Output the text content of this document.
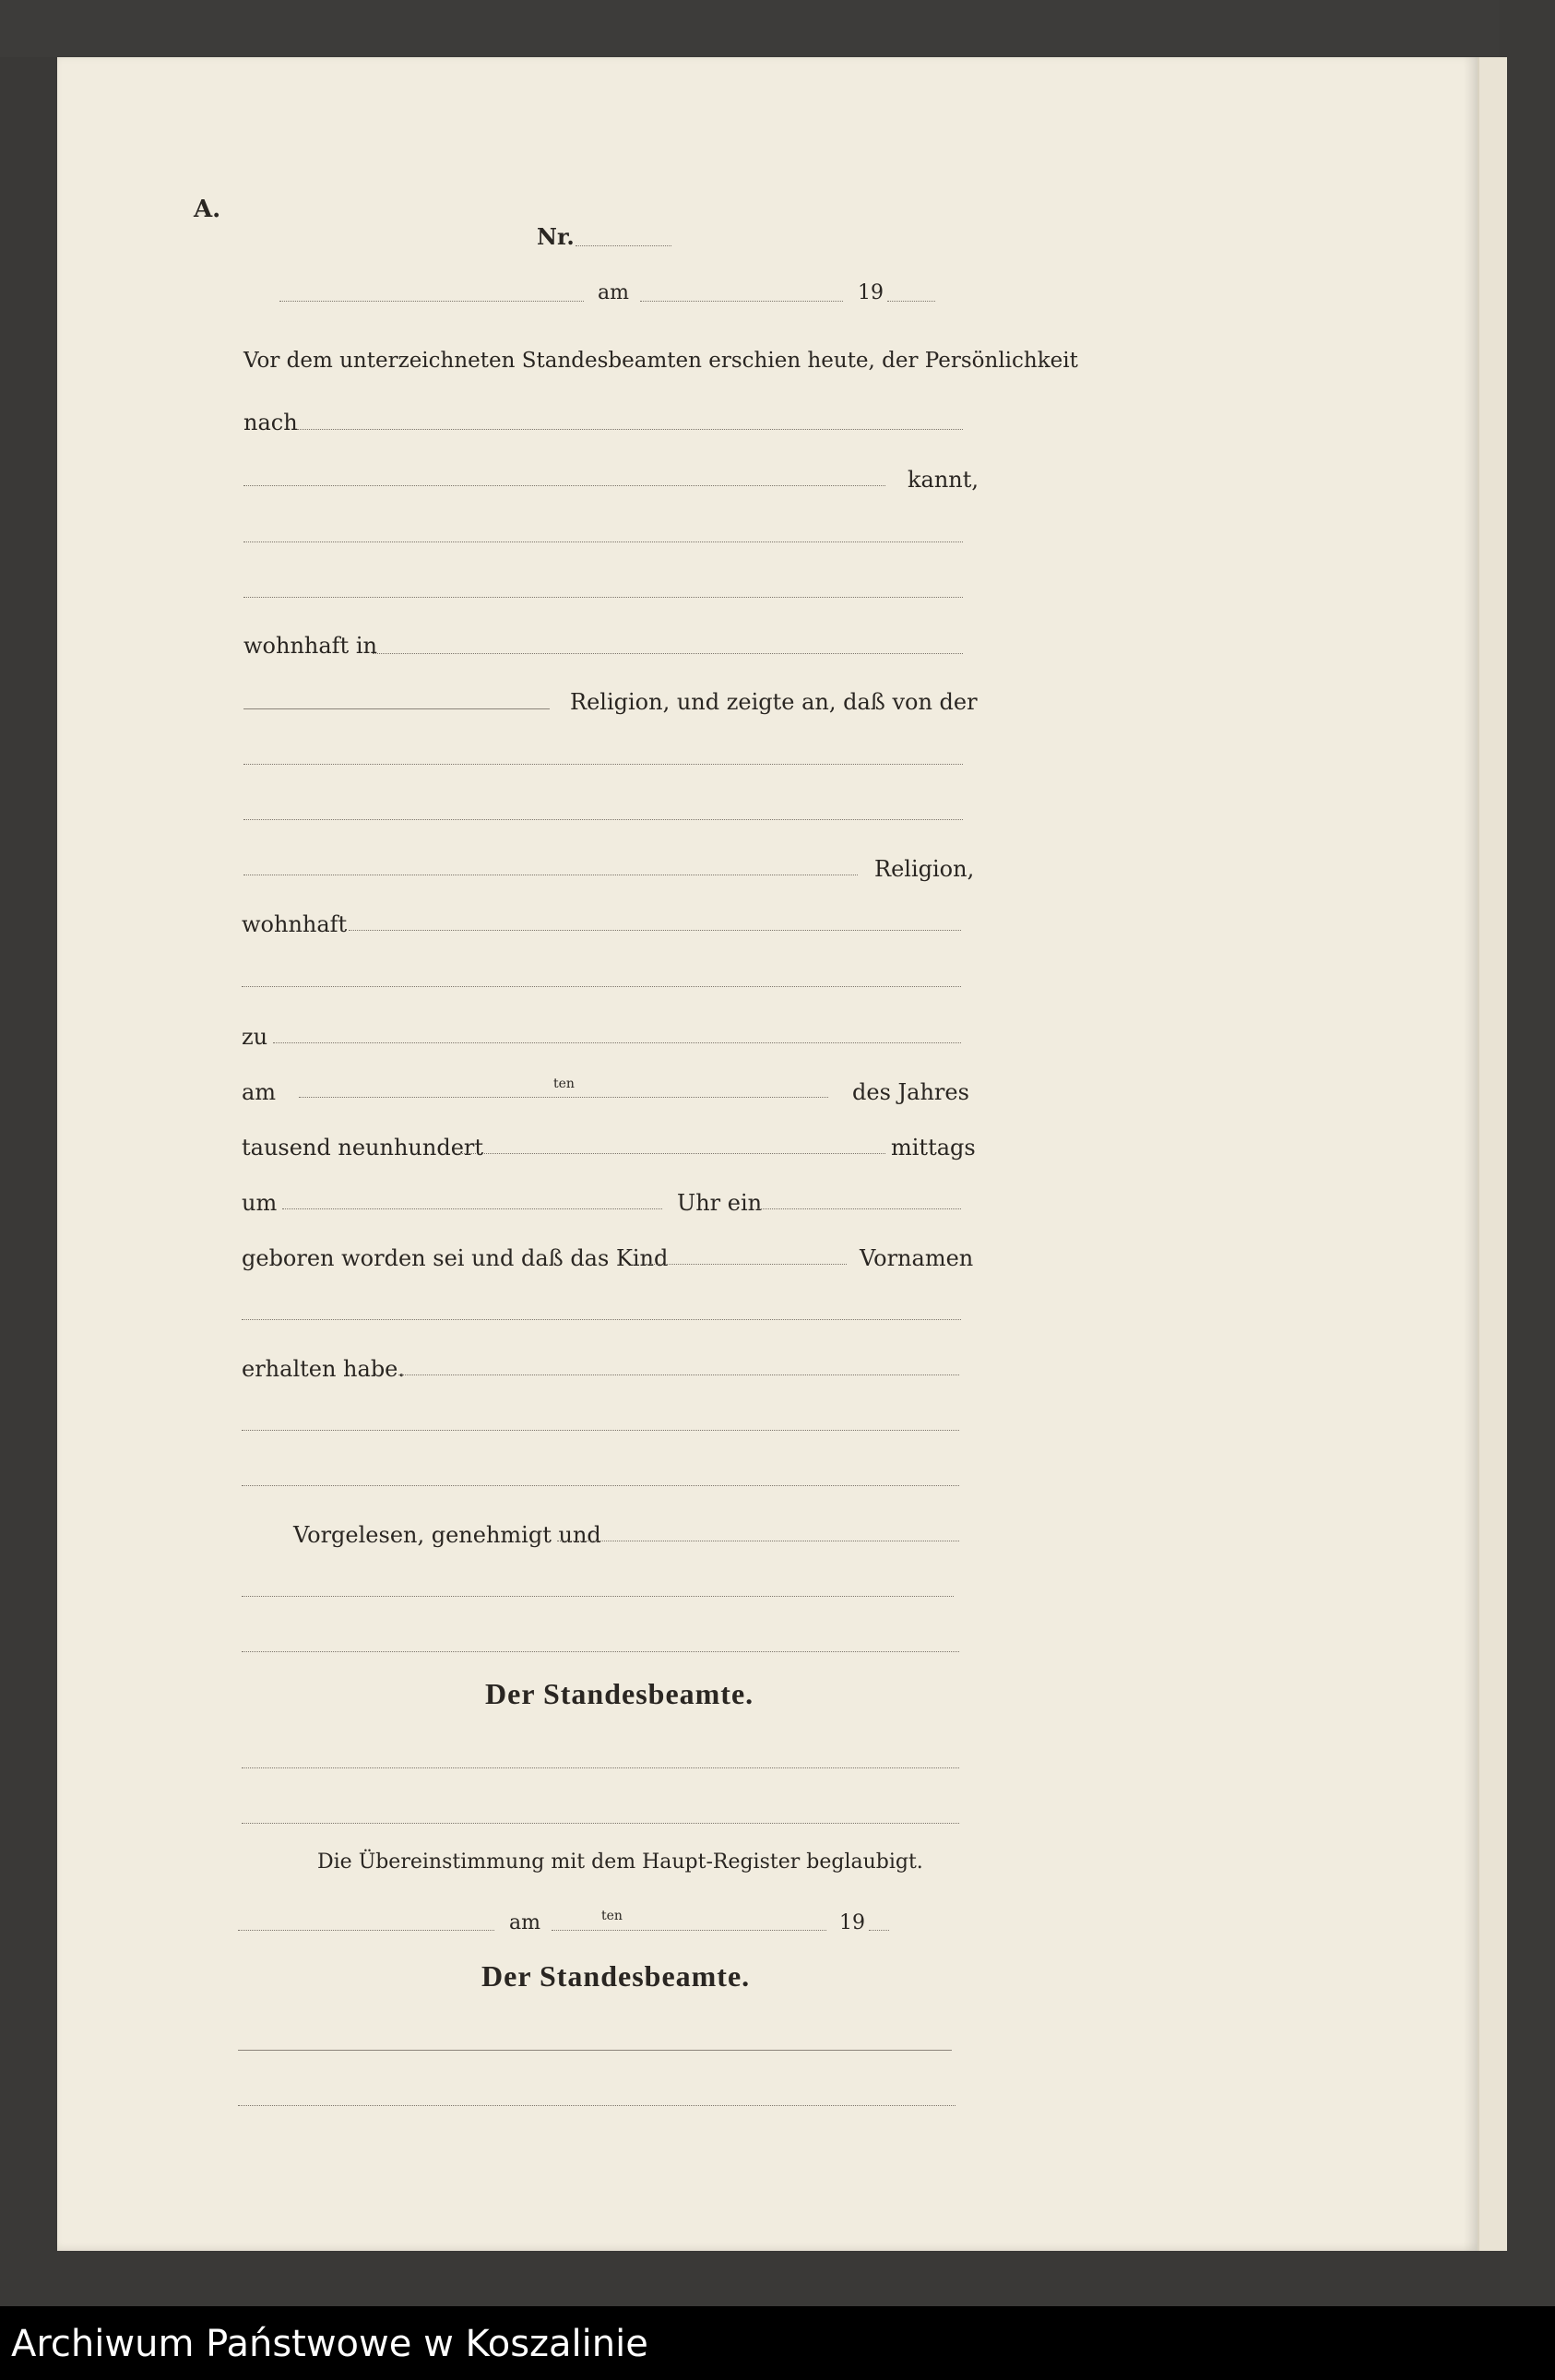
A.
Nr.
am	19
Vor dem unterzeichneten Standesbeamten erschien heute, der Persönlichkeit
nach
kannt,
wohnhaft in
Religion, und zeigte an, daß von der
Religion,
wohnhaft
zu
am	ten	des Jahres
tausend neunhundert	mittags
um	Uhr ein
geboren worden sei und daß das Kind	Vornamen
erhalten habe.
Vorgelesen, genehmigt und
Der Standesbeamte.
Die Übereinstimmung mit dem Haupt-Register beglaubigt.
am	ten	19
Der Standesbeamte.
Archiwum Państwowe w Koszalinie
